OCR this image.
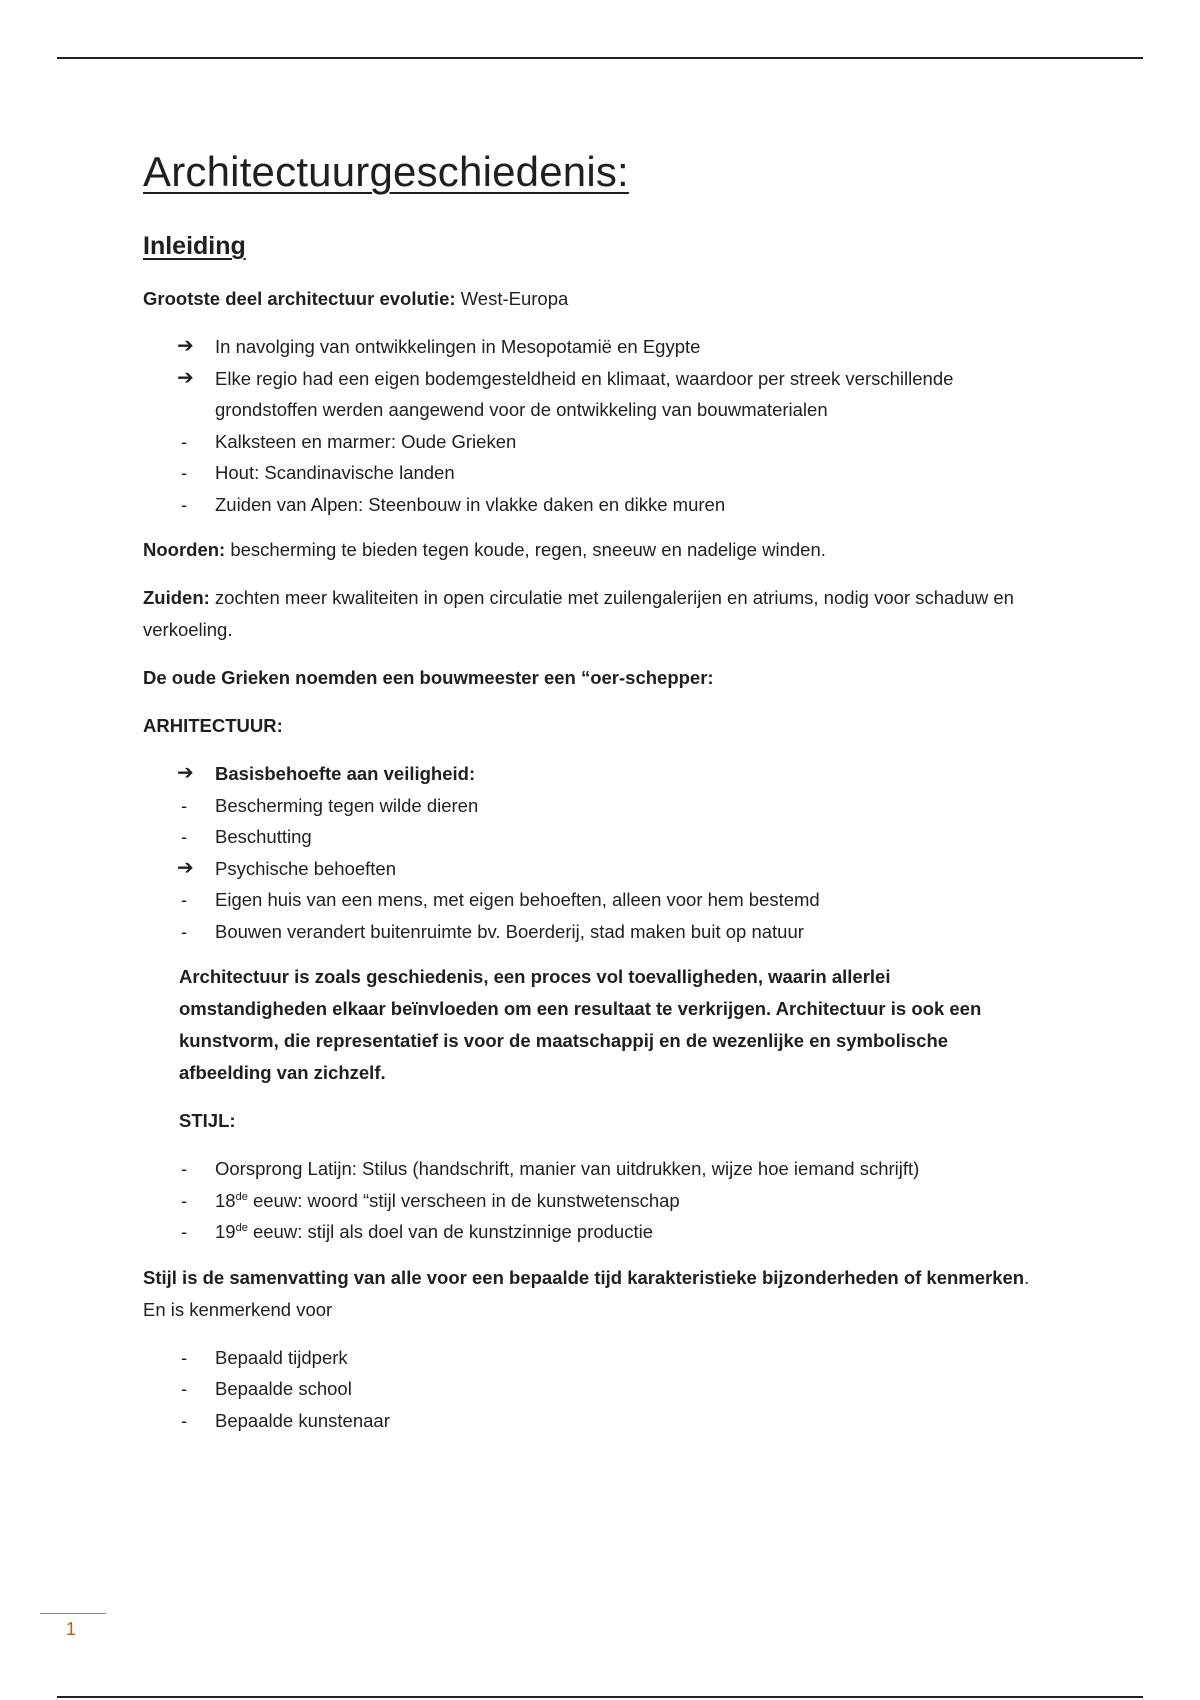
Architectuurgeschiedenis:
Inleiding

Grootste deel architectuur evolutie: West-Europa

➔	In navolging van ontwikkelingen in Mesopotamië en Egypte
➔	Elke regio had een eigen bodemgesteldheid en klimaat, waardoor per streek verschillende grondstoffen werden aangewend voor de ontwikkeling van bouwmaterialen
-	Kalksteen en marmer: Oude Grieken
-	Hout: Scandinavische landen
-	Zuiden van Alpen: Steenbouw in vlakke daken en dikke muren

Noorden: bescherming te bieden tegen koude, regen, sneeuw en nadelige winden.

Zuiden: zochten meer kwaliteiten in open circulatie met zuilengalerijen en atriums, nodig voor schaduw en verkoeling.

De oude Grieken noemden een bouwmeester een “oer-schepper:

ARHITECTUUR:

➔	Basisbehoefte aan veiligheid:
-	Bescherming tegen wilde dieren
-	Beschutting
➔	Psychische behoeften
-	Eigen huis van een mens, met eigen behoeften, alleen voor hem bestemd
-	Bouwen verandert buitenruimte bv. Boerderij, stad maken buit op natuur

Architectuur is zoals geschiedenis, een proces vol toevalligheden, waarin allerlei omstandigheden elkaar beïnvloeden om een resultaat te verkrijgen. Architectuur is ook een kunstvorm, die representatief is voor de maatschappij en de wezenlijke en symbolische afbeelding van zichzelf.

STIJL:

-	Oorsprong Latijn: Stilus (handschrift, manier van uitdrukken, wijze hoe iemand schrijft)
-	18de eeuw: woord “stijl verscheen in de kunstwetenschap
-	19de eeuw: stijl als doel van de kunstzinnige productie

Stijl is de samenvatting van alle voor een bepaalde tijd karakteristieke bijzonderheden of kenmerken. En is kenmerkend voor

-	Bepaald tijdperk
-	Bepaalde school
-	Bepaalde kunstenaar
1
